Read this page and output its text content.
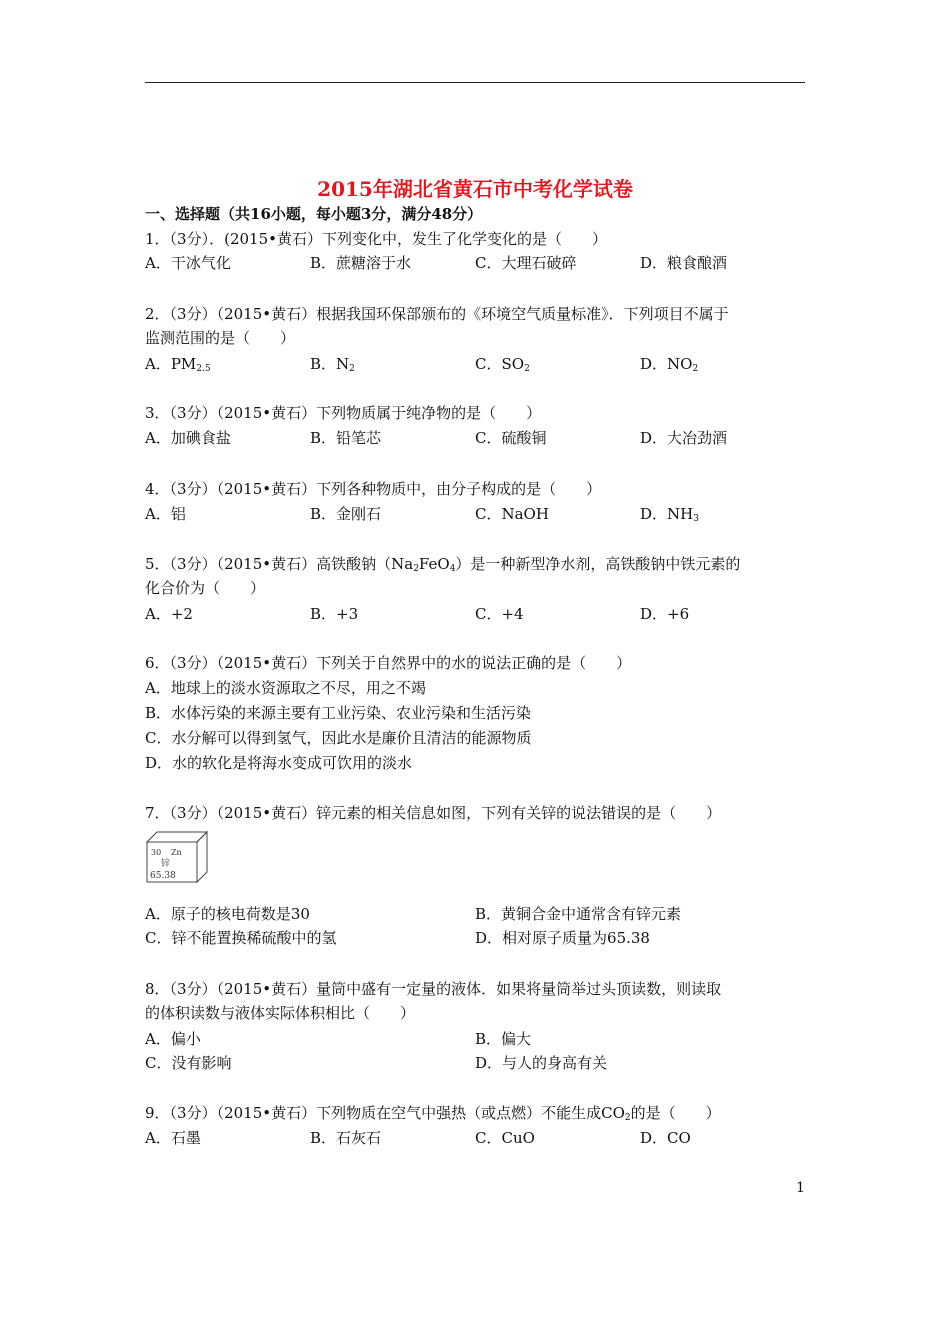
2015年湖北省黄石市中考化学试卷
一、选择题（共16小题，每小题3分，满分48分）
1．（3分）．(2015•黄石）下列变化中，发生了化学变化的是（　　）
A．干冰气化	B．蔗糖溶于水	C．大理石破碎	D．粮食酿酒
2．（3分）（2015•黄石）根据我国环保部颁布的《环境空气质量标准》．下列项目不属于
监测范围的是（　　）
A．$PM_{2.5}$	B．$N_2$	C．$SO_2$	D．$NO_2$
3．（3分）（2015•黄石）下列物质属于纯净物的是（　　）
A．加碘食盐	B．铅笔芯	C．硫酸铜	D．大冶劲酒
4．（3分）（2015•黄石）下列各种物质中，由分子构成的是（　　）
A．铝	B．金刚石	C．NaOH	D．$NH_3$
5．（3分）（2015•黄石）高铁酸钠$(Na_2FeO_4)$是一种新型净水剂，高铁酸钠中铁元素的
化合价为（　　）
A．+2	B．+3	C．+4	D．+6
6．（3分）（2015•黄石）下列关于自然界中的水的说法正确的是（　　）
A．地球上的淡水资源取之不尽，用之不竭
B．水体污染的来源主要有工业污染、农业污染和生活污染
C．水分解可以得到氢气，因此水是廉价且清洁的能源物质
D．水的软化是将海水变成可饮用的淡水
7．（3分）（2015•黄石）锌元素的相关信息如图，下列有关锌的说法错误的是（　　）
30 Zn
锌
65.38
A．原子的核电荷数是30	B．黄铜合金中通常含有锌元素
C．锌不能置换稀硫酸中的氢	D．相对原子质量为65.38
8．（3分）（2015•黄石）量筒中盛有一定量的液体．如果将量筒举过头顶读数，则读取
的体积读数与液体实际体积相比（　　）
A．偏小	B．偏大
C．没有影响	D．与人的身高有关
9．（3分）（2015•黄石）下列物质在空气中强热（或点燃）不能生成$CO_2$的是（　　）
A．石墨	B．石灰石	C．CuO	D．CO
1
